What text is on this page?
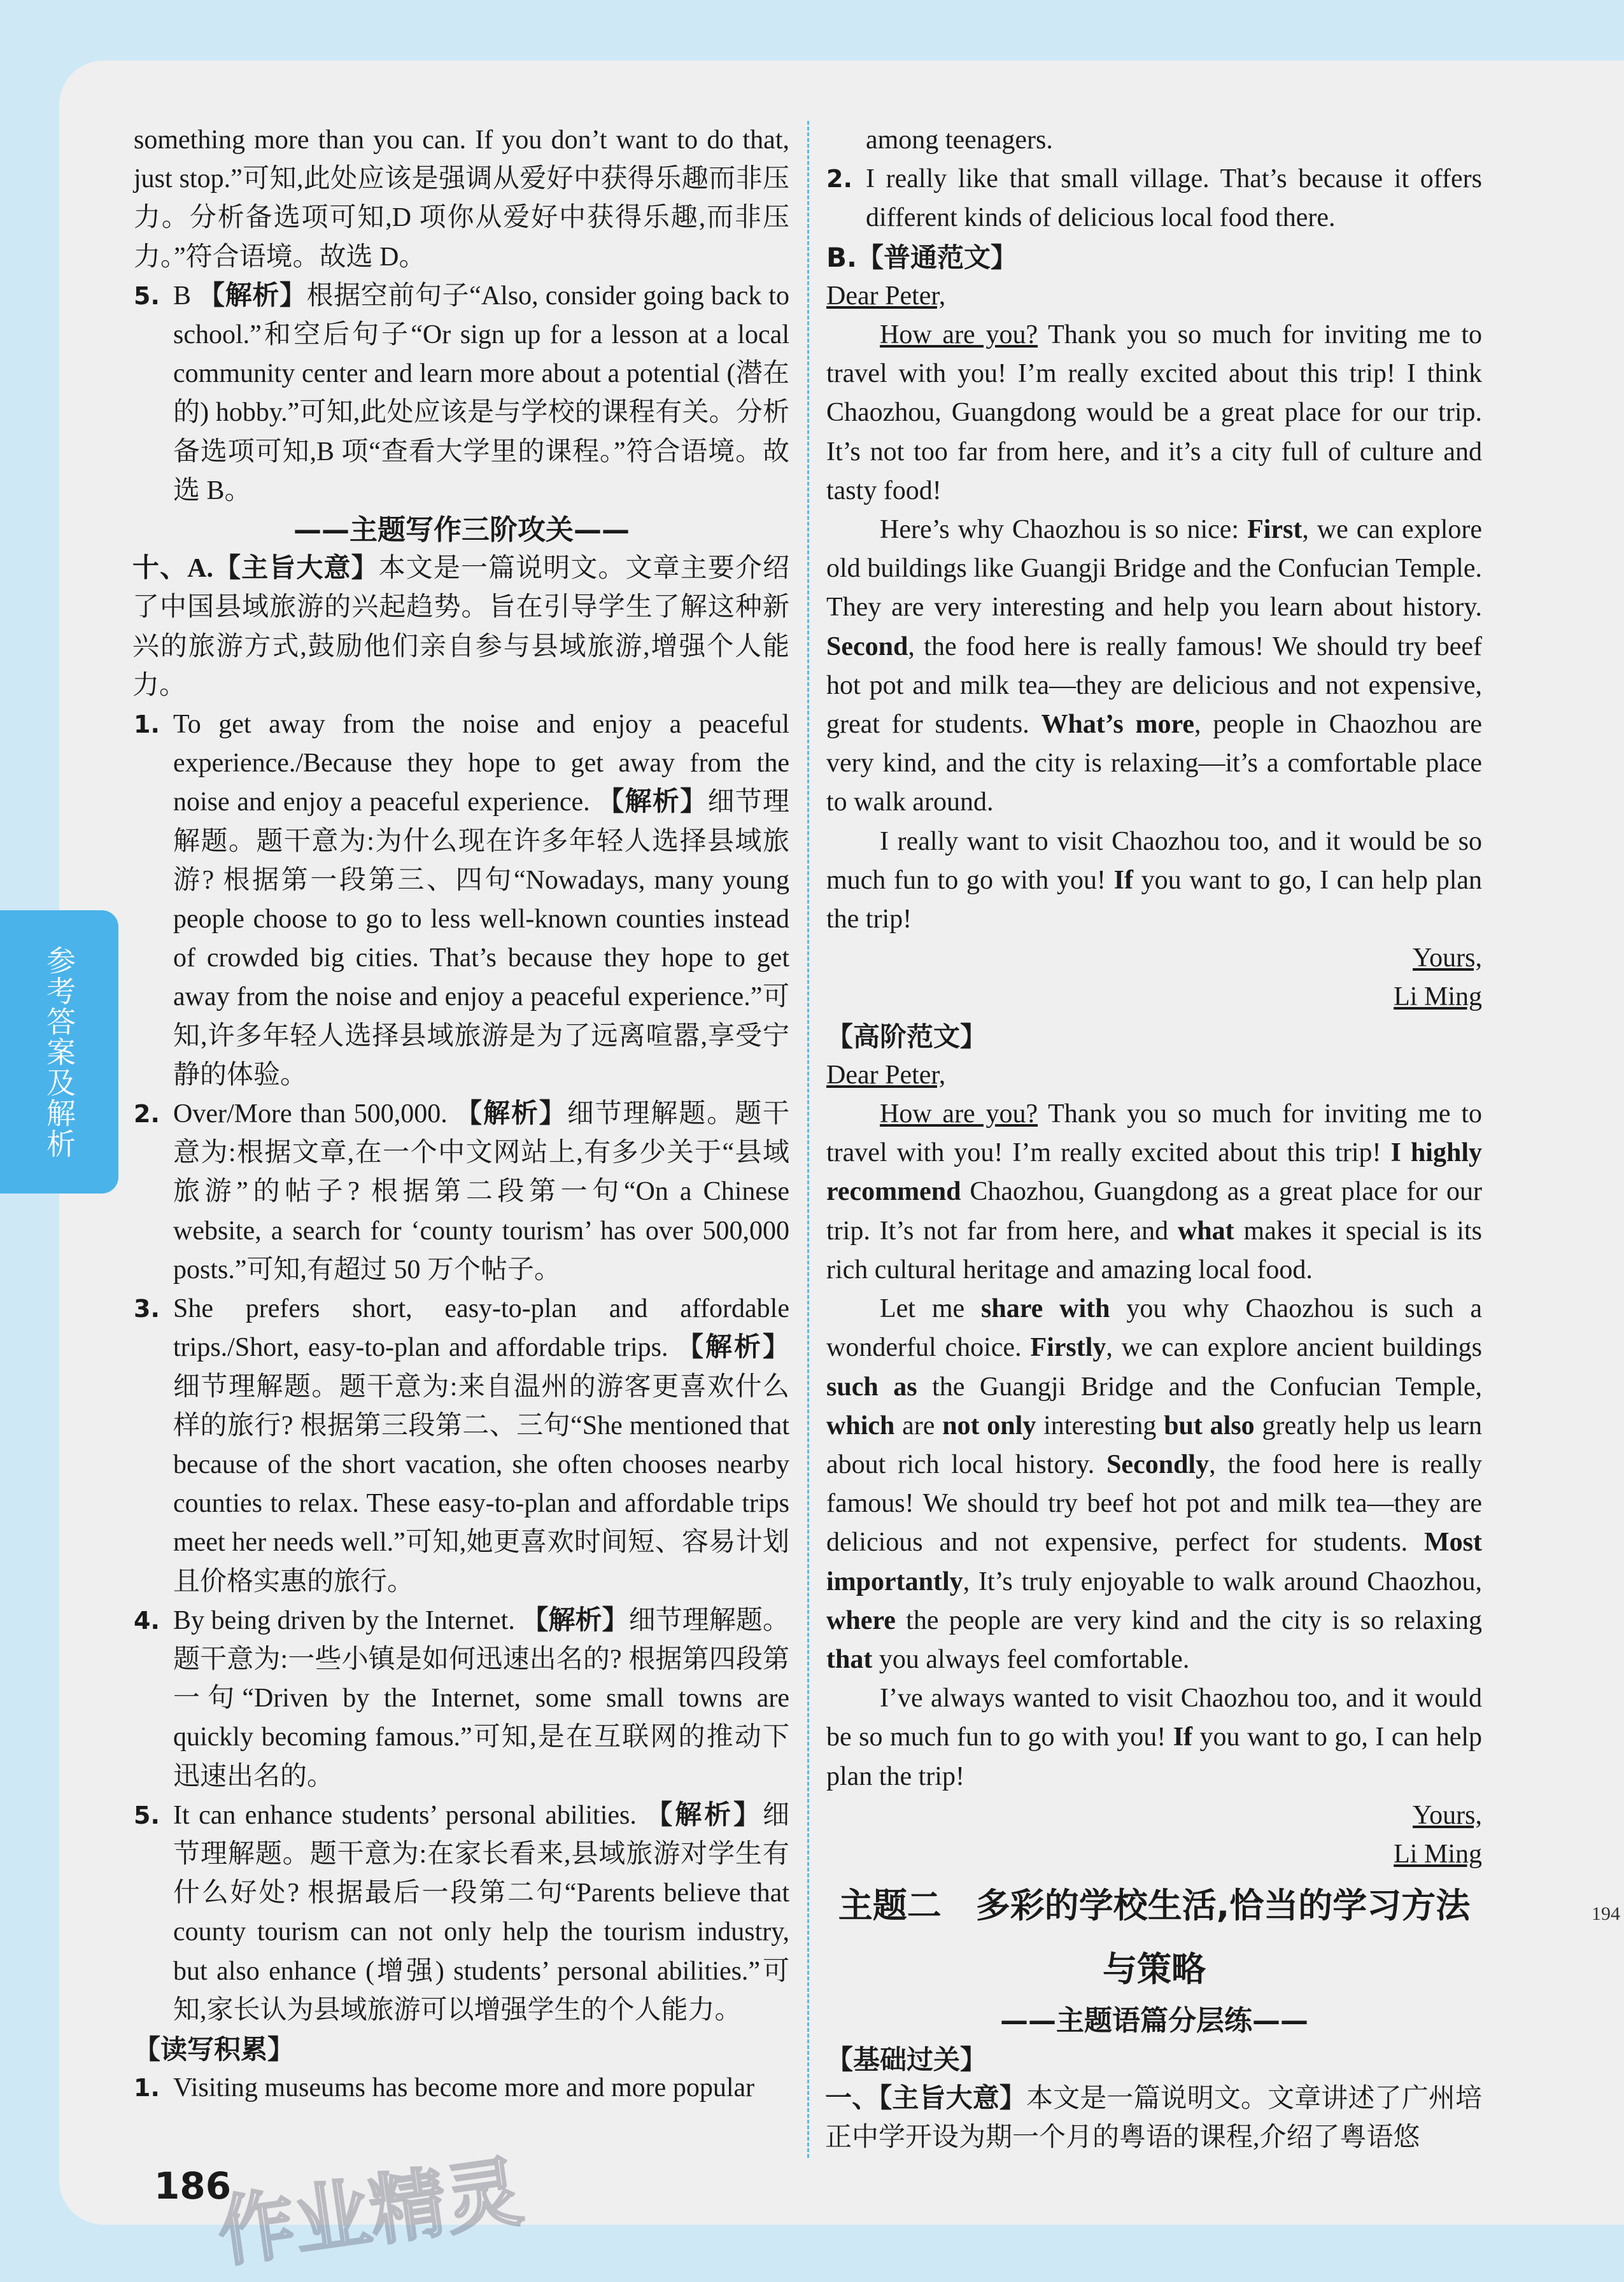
参考答案及解析
something more than you can. If you don’t want to do that, just stop.”可知,此处应该是强调从爱好中获得乐趣而非压力。分析备选项可知,D 项你从爱好中获得乐趣,而非压力。”符合语境。故选 D。
5. B 【解析】根据空前句子“Also, consider going back to school.”和空后句子“Or sign up for a lesson at a local community center and learn more about a potential (潜在的) hobby.”可知,此处应该是与学校的课程有关。分析备选项可知,B 项“查看大学里的课程。”符合语境。故选 B。
——主题写作三阶攻关——
十、A.【主旨大意】本文是一篇说明文。文章主要介绍了中国县域旅游的兴起趋势。旨在引导学生了解这种新兴的旅游方式,鼓励他们亲自参与县域旅游,增强个人能力。
1. To get away from the noise and enjoy a peaceful experience./Because they hope to get away from the noise and enjoy a peaceful experience. 【解析】细节理解题。题干意为:为什么现在许多年轻人选择县域旅游? 根据第一段第三、四句“Nowadays, many young people choose to go to less well-known counties instead of crowded big cities. That’s because they hope to get away from the noise and enjoy a peaceful experience.”可知,许多年轻人选择县域旅游是为了远离喧嚣,享受宁静的体验。
2. Over/More than 500,000. 【解析】细节理解题。题干意为:根据文章,在一个中文网站上,有多少关于“县域旅游”的帖子? 根据第二段第一句“On a Chinese website, a search for ‘county tourism’ has over 500,000 posts.”可知,有超过 50 万个帖子。
3. She prefers short, easy-to-plan and affordable trips./Short, easy-to-plan and affordable trips. 【解析】细节理解题。题干意为:来自温州的游客更喜欢什么样的旅行? 根据第三段第二、三句“She mentioned that because of the short vacation, she often chooses nearby counties to relax. These easy-to-plan and affordable trips meet her needs well.”可知,她更喜欢时间短、容易计划且价格实惠的旅行。
4. By being driven by the Internet. 【解析】细节理解题。题干意为:一些小镇是如何迅速出名的? 根据第四段第一句“Driven by the Internet, some small towns are quickly becoming famous.”可知,是在互联网的推动下迅速出名的。
5. It can enhance students’ personal abilities. 【解析】细节理解题。题干意为:在家长看来,县域旅游对学生有什么好处? 根据最后一段第二句“Parents believe that county tourism can not only help the tourism industry, but also enhance (增强) students’ personal abilities.”可知,家长认为县域旅游可以增强学生的个人能力。
【读写积累】
1. Visiting museums has become more and more popular
among teenagers.
2. I really like that small village. That’s because it offers different kinds of delicious local food there.
B.【普通范文】
Dear Peter,
How are you? Thank you so much for inviting me to travel with you! I’m really excited about this trip! I think Chaozhou, Guangdong would be a great place for our trip. It’s not too far from here, and it’s a city full of culture and tasty food!
Here’s why Chaozhou is so nice: First, we can explore old buildings like Guangji Bridge and the Confucian Temple. They are very interesting and help you learn about history. Second, the food here is really famous! We should try beef hot pot and milk tea—they are delicious and not expensive, great for students. What’s more, people in Chaozhou are very kind, and the city is relaxing—it’s a comfortable place to walk around.
I really want to visit Chaozhou too, and it would be so much fun to go with you! If you want to go, I can help plan the trip!
Yours,
Li Ming
【高阶范文】
Dear Peter,
How are you? Thank you so much for inviting me to travel with you! I’m really excited about this trip! I highly recommend Chaozhou, Guangdong as a great place for our trip. It’s not far from here, and what makes it special is its rich cultural heritage and amazing local food.
Let me share with you why Chaozhou is such a wonderful choice. Firstly, we can explore ancient buildings such as the Guangji Bridge and the Confucian Temple, which are not only interesting but also greatly help us learn about rich local history. Secondly, the food here is really famous! We should try beef hot pot and milk tea—they are delicious and not expensive, perfect for students. Most importantly, It’s truly enjoyable to walk around Chaozhou, where the people are very kind and the city is so relaxing that you always feel comfortable.
I’ve always wanted to visit Chaozhou too, and it would be so much fun to go with you! If you want to go, I can help plan the trip!
Yours,
Li Ming
主题二　多彩的学校生活,恰当的学习方法与策略
——主题语篇分层练——
【基础过关】
一、【主旨大意】本文是一篇说明文。文章讲述了广州培正中学开设为期一个月的粤语的课程,介绍了粤语悠
186
194
作业精灵
